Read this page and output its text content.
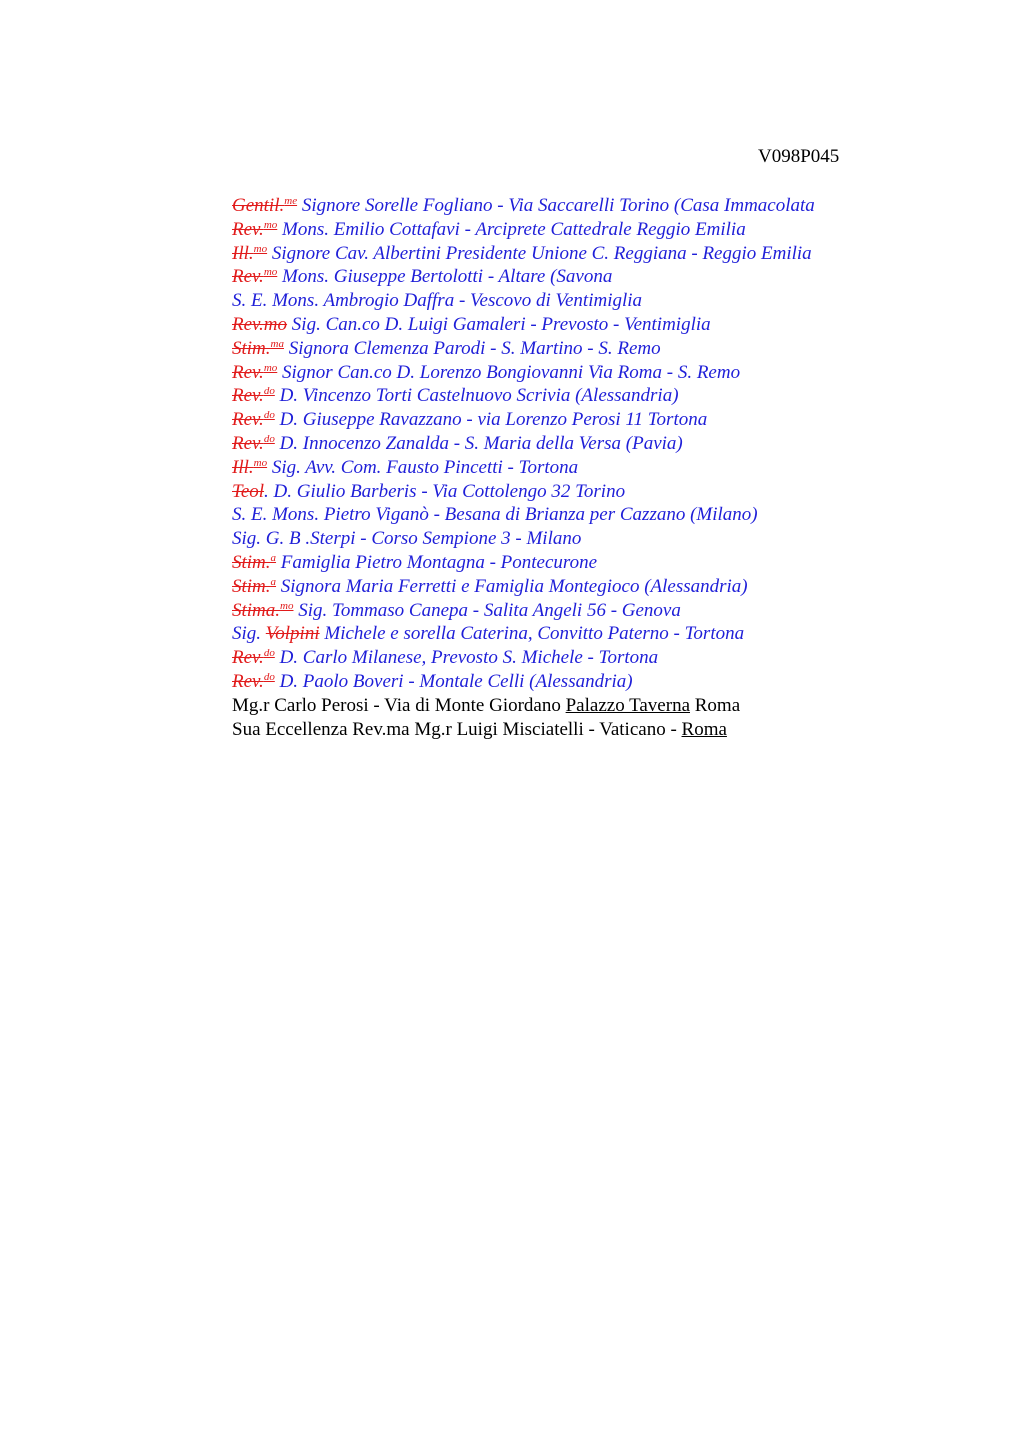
V098P045
Gentil.$^{me}$ Signore Sorelle Fogliano - Via Saccarelli Torino (Casa Immacolata
Rev.$^{mo}$ Mons. Emilio Cottafavi - Arciprete Cattedrale Reggio Emilia
Ill.$^{mo}$ Signore Cav. Albertini Presidente Unione C. Reggiana - Reggio Emilia
Rev.$^{mo}$ Mons. Giuseppe Bertolotti - Altare (Savona
S. E. Mons. Ambrogio Daffra - Vescovo di Ventimiglia
Rev.mo Sig. Can.co D. Luigi Gamaleri - Prevosto - Ventimiglia
Stim.$^{ma}$ Signora Clemenza Parodi - S. Martino - S. Remo
Rev.$^{mo}$ Signor Can.co D. Lorenzo Bongiovanni Via Roma - S. Remo
Rev.$^{do}$ D. Vincenzo Torti Castelnuovo Scrivia (Alessandria)
Rev.$^{do}$ D. Giuseppe Ravazzano - via Lorenzo Perosi 11 Tortona
Rev.$^{do}$ D. Innocenzo Zanalda - S. Maria della Versa (Pavia)
Ill.$^{mo}$ Sig. Avv. Com. Fausto Pincetti - Tortona
Teol. D. Giulio Barberis - Via Cottolengo 32 Torino
S. E. Mons. Pietro Viganò - Besana di Brianza per Cazzano (Milano)
Sig. G. B .Sterpi - Corso Sempione 3 - Milano
Stim.$^a$ Famiglia Pietro Montagna - Pontecurone
Stim.$^a$ Signora Maria Ferretti e Famiglia Montegioco (Alessandria)
Stima.$^{mo}$ Sig. Tommaso Canepa - Salita Angeli 56 - Genova
Sig. Volpini Michele e sorella Caterina, Convitto Paterno - Tortona
Rev.$^{do}$ D. Carlo Milanese, Prevosto S. Michele - Tortona
Rev.$^{do}$ D. Paolo Boveri - Montale Celli (Alessandria)
Mg.r Carlo Perosi - Via di Monte Giordano Palazzo Taverna Roma
Sua Eccellenza Rev.ma Mg.r Luigi Misciatelli - Vaticano - Roma
